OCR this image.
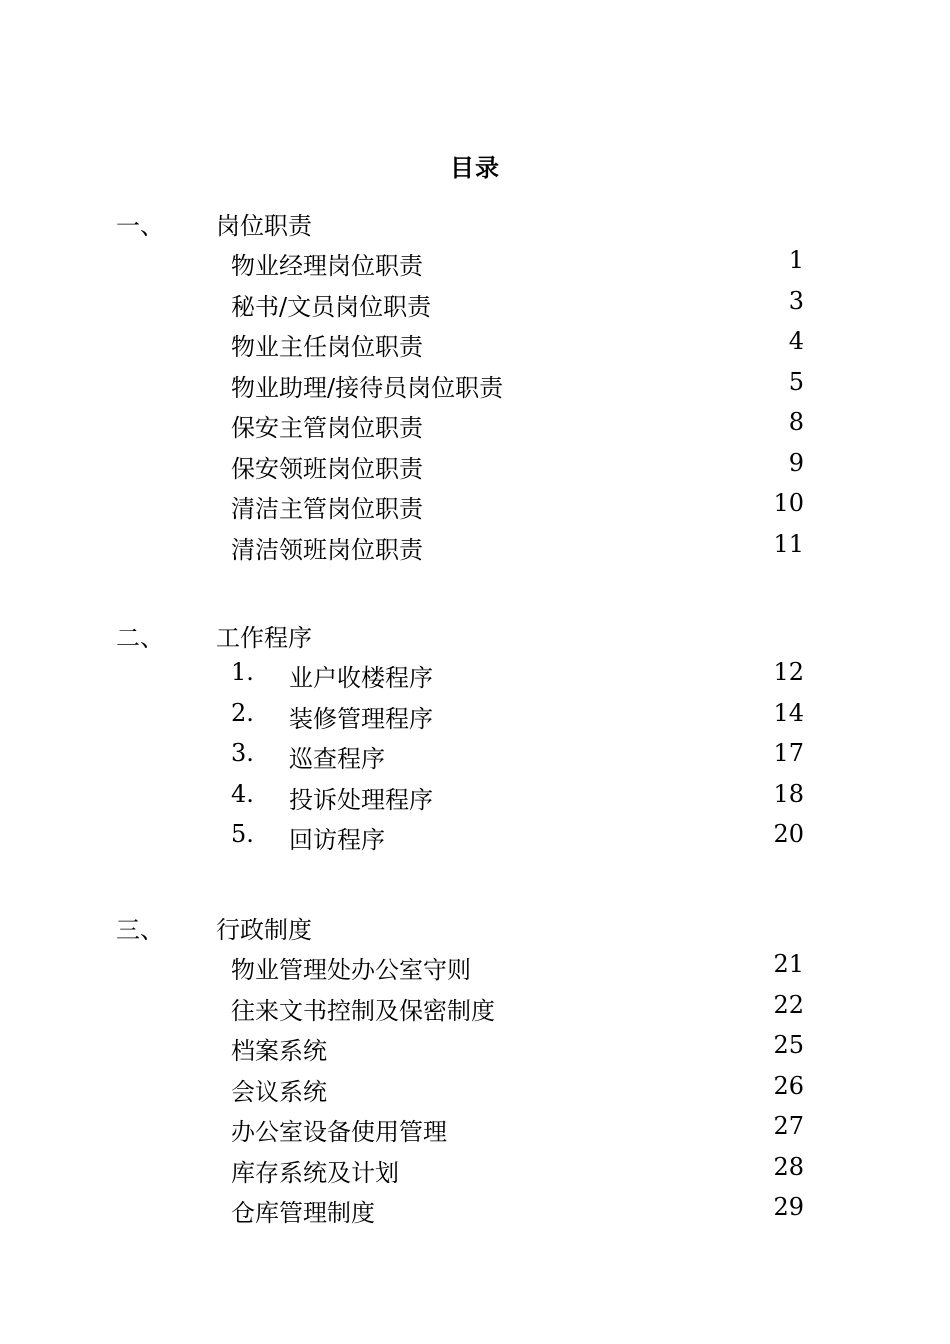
目录
一、 岗位职责
物业经理岗位职责	1
秘书/文员岗位职责	3
物业主任岗位职责	4
物业助理/接待员岗位职责	5
保安主管岗位职责	8
保安领班岗位职责	9
清洁主管岗位职责	10
清洁领班岗位职责	11
二、 工作程序
1. 业户收楼程序	12
2. 装修管理程序	14
3. 巡查程序	17
4. 投诉处理程序	18
5. 回访程序	20
三、 行政制度
物业管理处办公室守则	21
往来文书控制及保密制度	22
档案系统	25
会议系统	26
办公室设备使用管理	27
库存系统及计划	28
仓库管理制度	29
